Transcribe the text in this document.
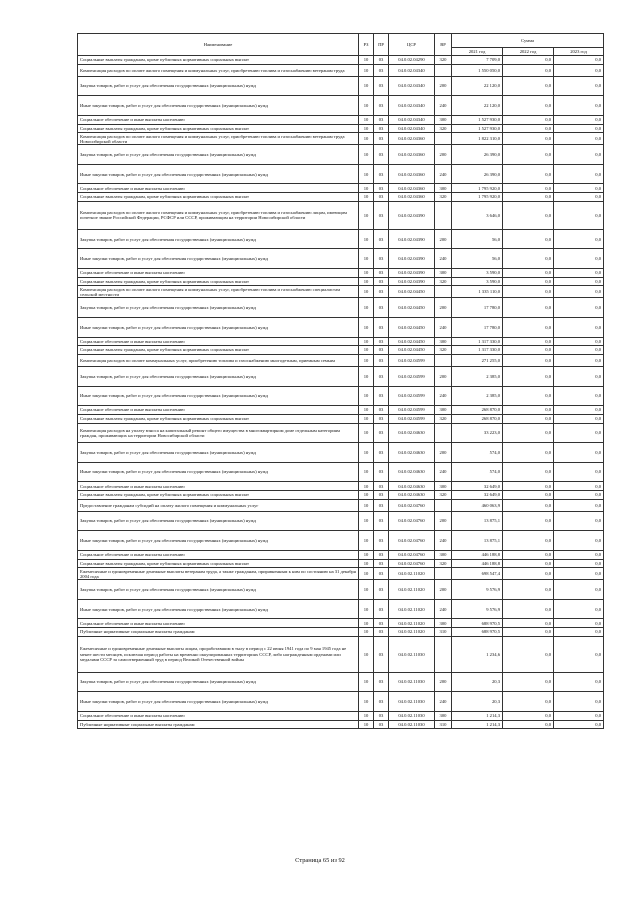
Наименование	РЗ	ПР	ЦСР	ВР	Сумма		
					2021 год	2022 год	2023 год
Социальные выплаты гражданам, кроме публичных нормативных социальных выплат	10	03	04.0.02.04290	320	7 709,0	0,0	0,0
Компенсация расходов по оплате жилого помещения и коммунальных услуг, приобретению топлива и газоснабжению ветеранам труда	10	03	04.0.02.04340		1 550 050,0	0,0	0,0
Закупка товаров, работ и услуг для обеспечения государственных (муниципальных) нужд	10	03	04.0.02.04340	200	22 120,0	0,0	0,0
Иные закупки товаров, работ и услуг для обеспечения государственных (муниципальных) нужд	10	03	04.0.02.04340	240	22 120,0	0,0	0,0
Социальное обеспечение и иные выплаты населению	10	03	04.0.02.04340	300	1 527 930,0	0,0	0,0
Социальные выплаты гражданам, кроме публичных нормативных социальных выплат	10	03	04.0.02.04340	320	1 527 930,0	0,0	0,0
Компенсация расходов по оплате жилого помещения и коммунальных услуг, приобретению топлива и газоснабжению ветеранам труда Новосибирской области	10	03	04.0.02.04360		1 822 310,0	0,0	0,0
Закупка товаров, работ и услуг для обеспечения государственных (муниципальных) нужд	10	03	04.0.02.04360	200	26 390,0	0,0	0,0
Иные закупки товаров, работ и услуг для обеспечения государственных (муниципальных) нужд	10	03	04.0.02.04360	240	26 390,0	0,0	0,0
Социальное обеспечение и иные выплаты населению	10	03	04.0.02.04360	300	1 795 920,0	0,0	0,0
Социальные выплаты гражданам, кроме публичных нормативных социальных выплат	10	03	04.0.02.04360	320	1 795 920,0	0,0	0,0
Компенсация расходов по оплате жилого помещения и коммунальных услуг, приобретению топлива и газоснабжению лицам, имеющим почетное звание Российской Федерации, РСФСР или СССР, проживающим на территории Новосибирской области	10	03	04.0.02.04390		3 646,0	0,0	0,0
Закупка товаров, работ и услуг для обеспечения государственных (муниципальных) нужд	10	03	04.0.02.04390	200	56,0	0,0	0,0
Иные закупки товаров, работ и услуг для обеспечения государственных (муниципальных) нужд	10	03	04.0.02.04390	240	56,0	0,0	0,0
Социальное обеспечение и иные выплаты населению	10	03	04.0.02.04390	300	3 590,0	0,0	0,0
Социальные выплаты гражданам, кроме публичных нормативных социальных выплат	10	03	04.0.02.04390	320	3 590,0	0,0	0,0
Компенсация расходов по оплате жилого помещения и коммунальных услуг, приобретению топлива и газоснабжению специалистам сельской местности	10	03	04.0.02.04450		1 335 110,0	0,0	0,0
Закупка товаров, работ и услуг для обеспечения государственных (муниципальных) нужд	10	03	04.0.02.04450	200	17 780,0	0,0	0,0
Иные закупки товаров, работ и услуг для обеспечения государственных (муниципальных) нужд	10	03	04.0.02.04450	240	17 780,0	0,0	0,0
Социальное обеспечение и иные выплаты населению	10	03	04.0.02.04450	300	1 317 330,0	0,0	0,0
Социальные выплаты гражданам, кроме публичных нормативных социальных выплат	10	03	04.0.02.04450	320	1 317 330,0	0,0	0,0
Компенсация расходов по оплате коммунальных услуг, приобретению топлива и газоснабжению многодетным, приемным семьям	10	03	04.0.02.04599		271 255,0	0,0	0,0
Закупка товаров, работ и услуг для обеспечения государственных (муниципальных) нужд	10	03	04.0.02.04599	200	2 385,0	0,0	0,0
Иные закупки товаров, работ и услуг для обеспечения государственных (муниципальных) нужд	10	03	04.0.02.04599	240	2 385,0	0,0	0,0
Социальное обеспечение и иные выплаты населению	10	03	04.0.02.04599	300	268 870,0	0,0	0,0
Социальные выплаты гражданам, кроме публичных нормативных социальных выплат	10	03	04.0.02.04599	320	268 870,0	0,0	0,0
Компенсация расходов на уплату взноса на капитальный ремонт общего имущества в многоквартирном доме отдельным категориям граждан, проживающих на территории Новосибирской области	10	03	04.0.02.04630		33 223,0	0,0	0,0
Закупка товаров, работ и услуг для обеспечения государственных (муниципальных) нужд	10	03	04.0.02.04630	200	574,0	0,0	0,0
Иные закупки товаров, работ и услуг для обеспечения государственных (муниципальных) нужд	10	03	04.0.02.04630	240	574,0	0,0	0,0
Социальное обеспечение и иные выплаты населению	10	03	04.0.02.04630	300	32 649,0	0,0	0,0
Социальные выплаты гражданам, кроме публичных нормативных социальных выплат	10	03	04.0.02.04630	320	32 649,0	0,0	0,0
Предоставление гражданам субсидий на оплату жилого помещения и коммунальных услуг	10	03	04.0.02.04760		460 063,9	0,0	0,0
Закупка товаров, работ и услуг для обеспечения государственных (муниципальных) нужд	10	03	04.0.02.04760	200	13 875,1	0,0	0,0
Иные закупки товаров, работ и услуг для обеспечения государственных (муниципальных) нужд	10	03	04.0.02.04760	240	13 875,1	0,0	0,0
Социальное обеспечение и иные выплаты населению	10	03	04.0.02.04760	300	446 188,8	0,0	0,0
Социальные выплаты гражданам, кроме публичных нормативных социальных выплат	10	03	04.0.02.04760	320	446 188,8	0,0	0,0
Ежемесячные и единовременные денежные выплаты ветеранам труда, а также гражданам, приравненным к ним по состоянию на 31 декабря 2004 года	10	03	04.0.02.11020		698 547,4	0,0	0,0
Закупка товаров, работ и услуг для обеспечения государственных (муниципальных) нужд	10	03	04.0.02.11020	200	9 576,9	0,0	0,0
Иные закупки товаров, работ и услуг для обеспечения государственных (муниципальных) нужд	10	03	04.0.02.11020	240	9 576,9	0,0	0,0
Социальное обеспечение и иные выплаты населению	10	03	04.0.02.11020	300	688 970,5	0,0	0,0
Публичные нормативные социальные выплаты гражданам	10	03	04.0.02.11020	310	688 970,5	0,0	0,0
Ежемесячные и единовременные денежные выплаты лицам, проработавшим в тылу в период с 22 июня 1941 года по 9 мая 1945 года не менее шести месяцев, исключая период работы на временно оккупированных территориях СССР, либо награжденным орденами или медалями СССР за самоотверженный труд в период Великой Отечественной войны	10	03	04.0.02.11030		1 234,6	0,0	0,0
Закупка товаров, работ и услуг для обеспечения государственных (муниципальных) нужд	10	03	04.0.02.11030	200	20,3	0,0	0,0
Иные закупки товаров, работ и услуг для обеспечения государственных (муниципальных) нужд	10	03	04.0.02.11030	240	20,3	0,0	0,0
Социальное обеспечение и иные выплаты населению	10	03	04.0.02.11030	300	1 214,3	0,0	0,0
Публичные нормативные социальные выплаты гражданам	10	03	04.0.02.11030	310	1 214,3	0,0	0,0
Страница 65 из 92
